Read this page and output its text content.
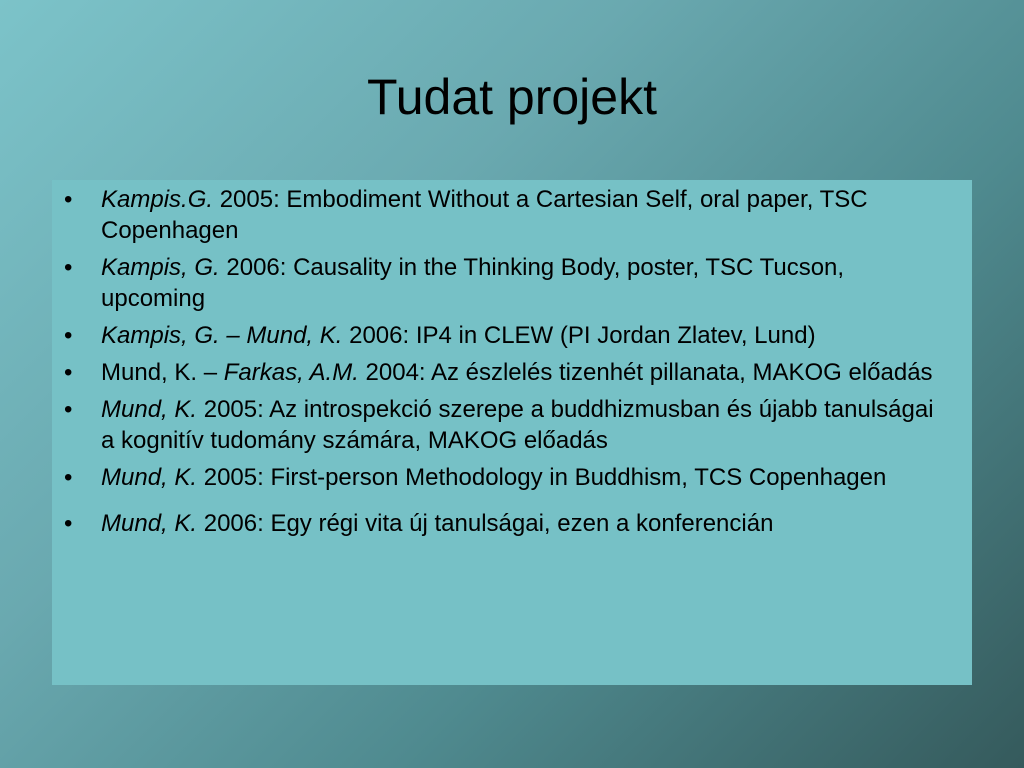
Tudat projekt
• Kampis.G. 2005: Embodiment Without a Cartesian Self, oral paper, TSC Copenhagen
• Kampis, G. 2006: Causality in the Thinking Body, poster, TSC Tucson, upcoming
• Kampis, G. – Mund, K. 2006: IP4 in CLEW (PI Jordan Zlatev, Lund)
• Mund, K. – Farkas, A.M. 2004: Az észlelés tizenhét pillanata, MAKOG előadás
• Mund, K. 2005: Az introspekció szerepe a buddhizmusban és újabb tanulságai a kognitív tudomány számára, MAKOG előadás
• Mund, K. 2005: First-person Methodology in Buddhism, TCS Copenhagen
• Mund, K. 2006: Egy régi vita új tanulságai, ezen a konferencián
